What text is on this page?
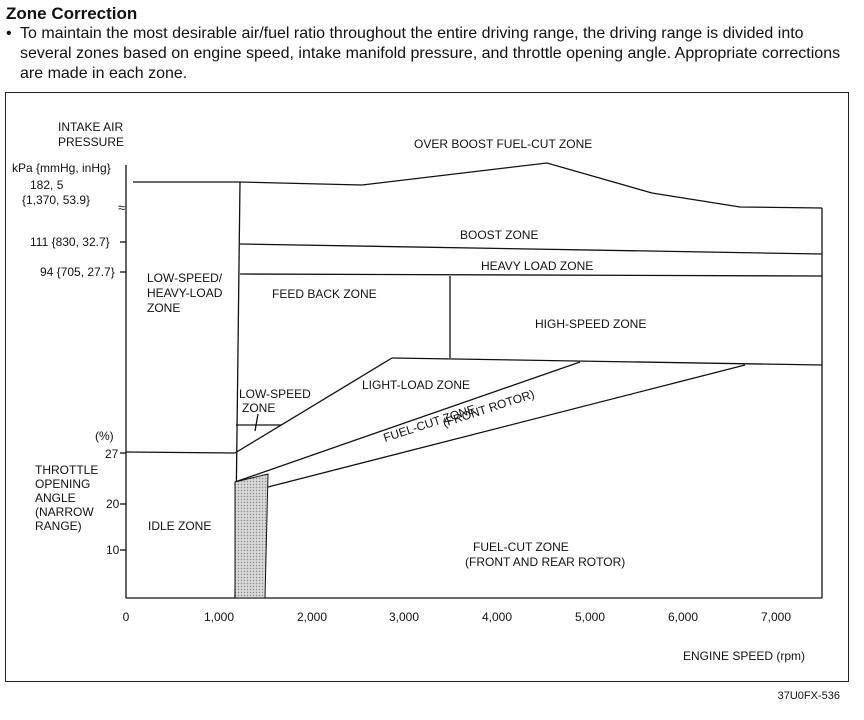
Zone Correction
• To maintain the most desirable air/fuel ratio throughout the entire driving range, the driving range is divided into several zones based on engine speed, intake manifold pressure, and throttle opening angle. Appropriate corrections are made in each zone.
INTAKE AIR
PRESSURE
kPa {mmHg, inHg}
182, 5
{1,370, 53.9} ≈
111 {830, 32.7}
94 {705, 27.7}
(%)
27
THROTTLE
OPENING
ANGLE
(NARROW
RANGE)
20
10
0	1,000	2,000	3,000	4,000	5,000	6,000	7,000
ENGINE SPEED (rpm)
OVER BOOST FUEL-CUT ZONE
BOOST ZONE
HEAVY LOAD ZONE
LOW-SPEED/
HEAVY-LOAD
ZONE
FEED BACK ZONE
HIGH-SPEED ZONE
LIGHT-LOAD ZONE
LOW-SPEED
ZONE	FUEL-CUT ZONE
(FRONT ROTOR)
IDLE ZONE
FUEL-CUT ZONE
(FRONT AND REAR ROTOR)
37U0FX-536
